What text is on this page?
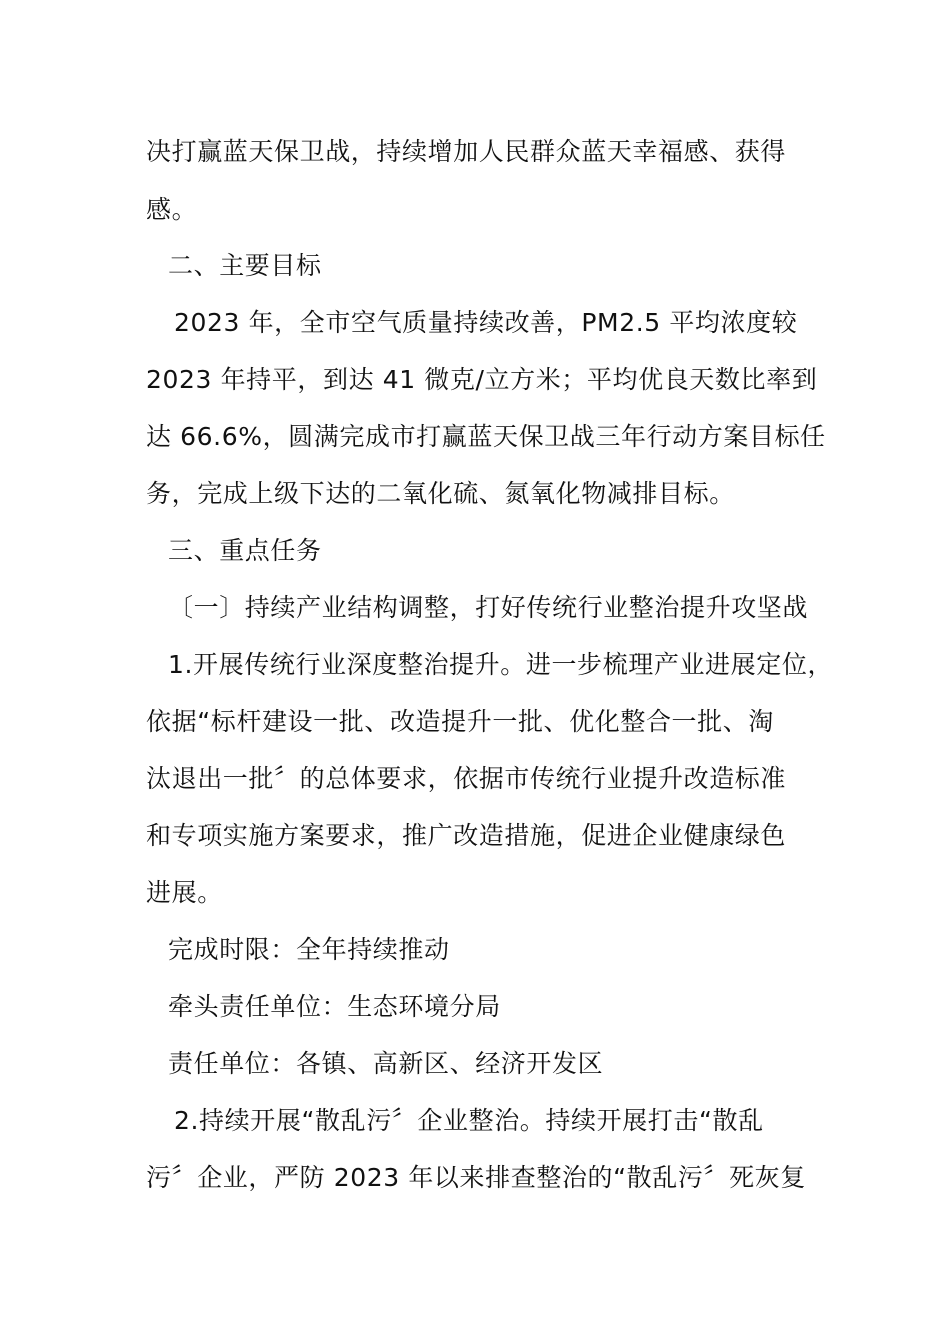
决打赢蓝天保卫战，持续增加人民群众蓝天幸福感、获得
感。
二、主要目标
2023 年，全市空气质量持续改善，PM2.5 平均浓度较
2023 年持平，到达 41 微克/立方米；平均优良天数比率到
达 66.6%，圆满完成市打赢蓝天保卫战三年行动方案目标任
务，完成上级下达的二氧化硫、氮氧化物减排目标。
三、重点任务
〔一〕持续产业结构调整，打好传统行业整治提升攻坚战
1.开展传统行业深度整治提升。进一步梳理产业进展定位，
依据“标杆建设一批、改造提升一批、优化整合一批、淘
汰退出一批〞的总体要求，依据市传统行业提升改造标准
和专项实施方案要求，推广改造措施，促进企业健康绿色
进展。
完成时限：全年持续推动
牵头责任单位：生态环境分局
责任单位：各镇、高新区、经济开发区
2.持续开展“散乱污〞企业整治。持续开展打击“散乱
污〞企业，严防 2023 年以来排查整治的“散乱污〞死灰复
